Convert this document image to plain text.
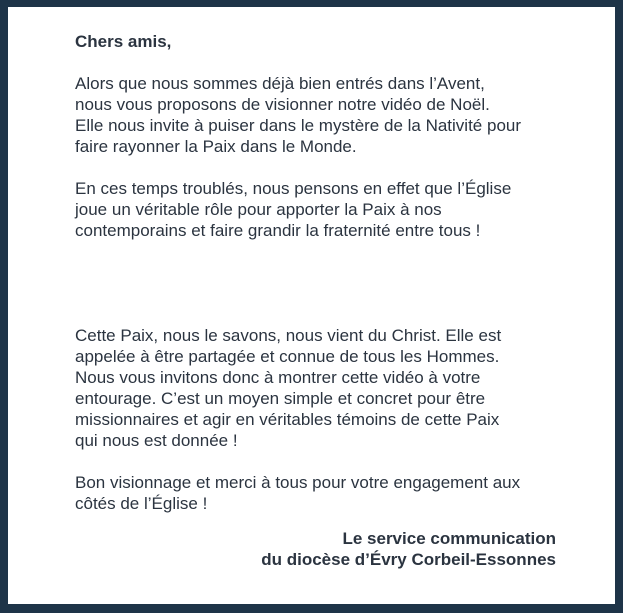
Chers amis,

Alors que nous sommes déjà bien entrés dans l’Avent,
nous vous proposons de visionner notre vidéo de Noël.
Elle nous invite à puiser dans le mystère de la Nativité pour
faire rayonner la Paix dans le Monde.

En ces temps troublés, nous pensons en effet que l’Église
joue un véritable rôle pour apporter la Paix à nos
contemporains et faire grandir la fraternité entre tous !

Cette Paix, nous le savons, nous vient du Christ. Elle est
appelée à être partagée et connue de tous les Hommes.
Nous vous invitons donc à montrer cette vidéo à votre
entourage. C’est un moyen simple et concret pour être
missionnaires et agir en véritables témoins de cette Paix
qui nous est donnée !

Bon visionnage et merci à tous pour votre engagement aux
côtés de l’Église !

Le service communication
du diocèse d’Évry Corbeil-Essonnes
